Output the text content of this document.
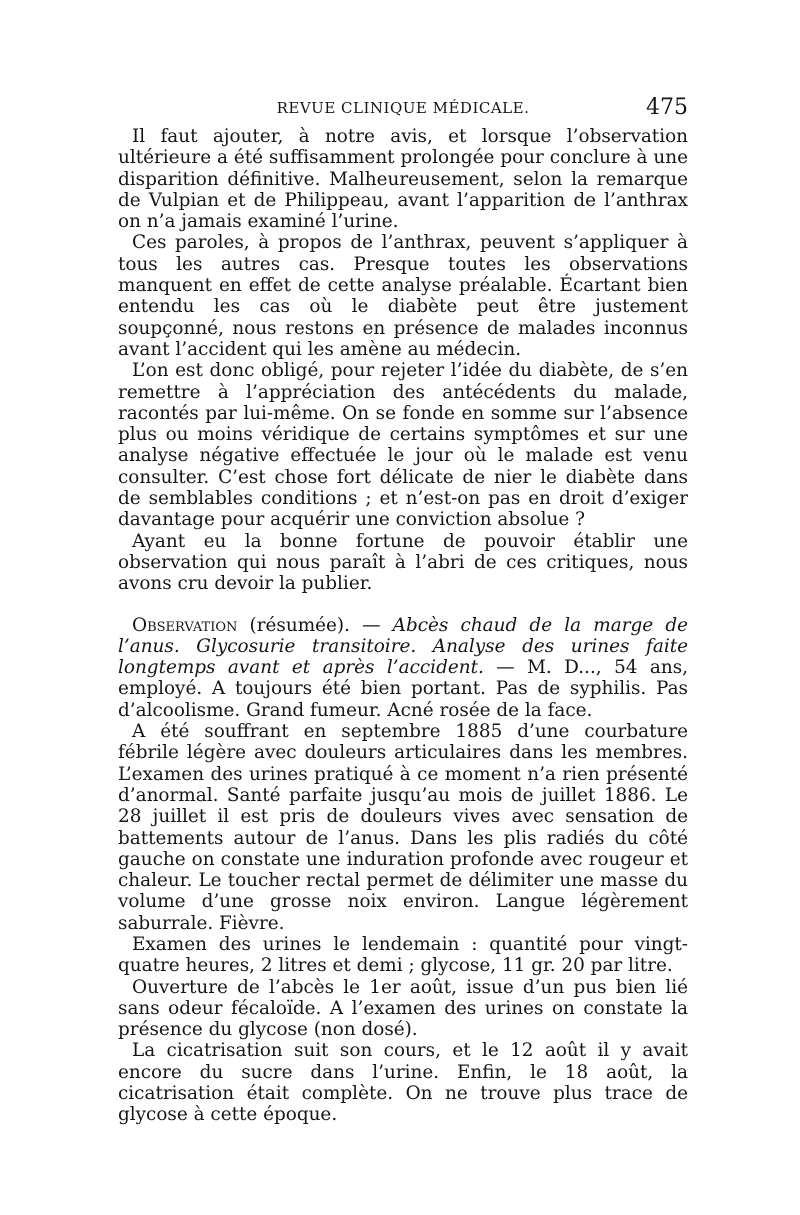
REVUE CLINIQUE MÉDICALE.	475

Il faut ajouter, à notre avis, et lorsque l’observation ultérieure a été suffisamment prolongée pour conclure à une disparition définitive. Malheureusement, selon la remarque de Vulpian et de Philippeau, avant l’apparition de l’anthrax on n’a jamais examiné l’urine.

Ces paroles, à propos de l’anthrax, peuvent s’appliquer à tous les autres cas. Presque toutes les observations manquent en effet de cette analyse préalable. Écartant bien entendu les cas où le diabète peut être justement soupçonné, nous restons en présence de malades inconnus avant l’accident qui les amène au médecin.

L’on est donc obligé, pour rejeter l’idée du diabète, de s’en remettre à l’appréciation des antécédents du malade, racontés par lui-même. On se fonde en somme sur l’absence plus ou moins véridique de certains symptômes et sur une analyse négative effectuée le jour où le malade est venu consulter. C’est chose fort délicate de nier le diabète dans de semblables conditions ; et n’est-on pas en droit d’exiger davantage pour acquérir une conviction absolue ?

Ayant eu la bonne fortune de pouvoir établir une observation qui nous paraît à l’abri de ces critiques, nous avons cru devoir la publier.

Observation (résumée). — Abcès chaud de la marge de l’anus. Glycosurie transitoire. Analyse des urines faite longtemps avant et après l’accident. — M. D..., 54 ans, employé. A toujours été bien portant. Pas de syphilis. Pas d’alcoolisme. Grand fumeur. Acné rosée de la face.

A été souffrant en septembre 1885 d’une courbature fébrile légère avec douleurs articulaires dans les membres. L’examen des urines pratiqué à ce moment n’a rien présenté d’anormal. Santé parfaite jusqu’au mois de juillet 1886. Le 28 juillet il est pris de douleurs vives avec sensation de battements autour de l’anus. Dans les plis radiés du côté gauche on constate une induration profonde avec rougeur et chaleur. Le toucher rectal permet de délimiter une masse du volume d’une grosse noix environ. Langue légèrement saburrale. Fièvre.

Examen des urines le lendemain : quantité pour vingt-quatre heures, 2 litres et demi ; glycose, 11 gr. 20 par litre.

Ouverture de l’abcès le 1er août, issue d’un pus bien lié sans odeur fécaloïde. A l’examen des urines on constate la présence du glycose (non dosé).

La cicatrisation suit son cours, et le 12 août il y avait encore du sucre dans l’urine. Enfin, le 18 août, la cicatrisation était complète. On ne trouve plus trace de glycose à cette époque.
